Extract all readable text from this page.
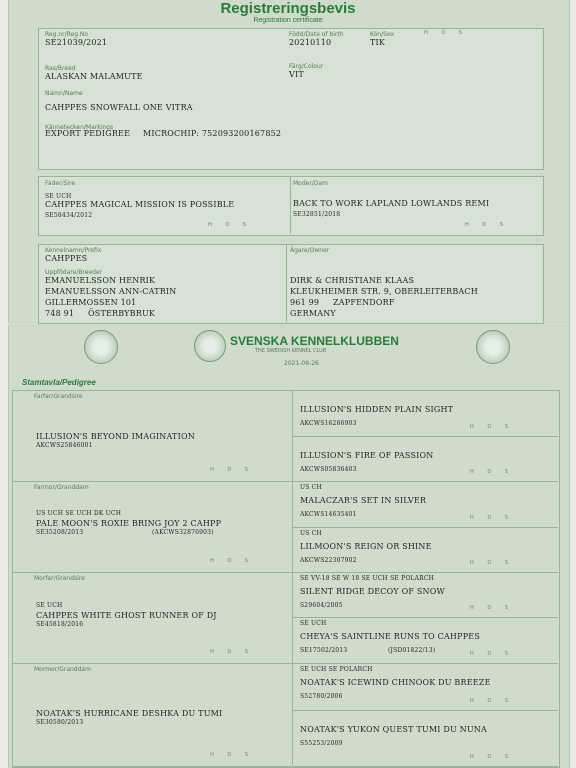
Registreringsbevis
Registration certificate
Reg.nr/Reg.No
SE21039/2021
Född/Date of birth
20210110
Kön/Sex
TIK
H D S
Ras/Breed
ALASKAN MALAMUTE
Färg/Colour
VIT
Namn/Name
CAHPPES SNOWFALL ONE VITRA
Kännetecken/Markings
EXPORT PEDIGREE MICROCHIP: 752093200167852
Fader/Sire
SE UCH
CAHPPES MAGICAL MISSION IS POSSIBLE
SE58434/2012
H D S
Moder/Dam
BACK TO WORK LAPLAND LOWLANDS REMI
SE32851/2018
H D S
Kennelnamn/Prefix
CAHPPES
Uppfödare/Breeder
EMANUELSSON HENRIK
EMANUELSSON ANN-CATRIN
GILLERMOSSEN 101
748 91 ÖSTERBYBRUK
Ägare/Owner
DIRK & CHRISTIANE KLAAS
KLEUKHEIMER STR. 9, OBERLEITERBACH
961 99 ZAPFENDORF
GERMANY
SVENSKA KENNELKLUBBEN
THE SWEDISH KENNEL CLUB
2021-08-26
Stamtavla/Pedigree
Farfar/Grandsire
ILLUSION'S BEYOND IMAGINATION
AKCWS25846001
H D S
Farmor/Granddam
US UCH SE UCH DK UCH
PALE MOON'S ROXIE BRING JOY 2 CAHPP
SE35208/2013	(AKCWS32876903)
H D S
Morfar/Grandsire
SE UCH
CAHPPES WHITE GHOST RUNNER OF DJ
SE45818/2016
H D S
Mormor/Granddam
NOATAK'S HURRICANE DESHKA DU TUMI
SE30580/2013
H D S
ILLUSION'S HIDDEN PLAIN SIGHT
AKCWS16286903	H D S
ILLUSION'S FIRE OF PASSION
AKCWS05836403	H D S
US CH
MALACZAR'S SET IN SILVER
AKCWS14635401	H D S
US CH
LILMOON'S REIGN OR SHINE
AKCWS22307902	H D S
SE VV-18 SE W 18 SE UCH SE POLARCH
SILENT RIDGE DECOY OF SNOW
S29604/2005	H D S
SE UCH
CHEYA'S SAINTLINE RUNS TO CAHPPES
SE17502/2013	(JSD01822/13)	H D S
SE UCH SE POLARCH
NOATAK'S ICEWIND CHINOOK DU BREEZE
S52780/2006
H D S
NOATAK'S YUKON QUEST TUMI DU NUNA
S55253/2009
H D S
